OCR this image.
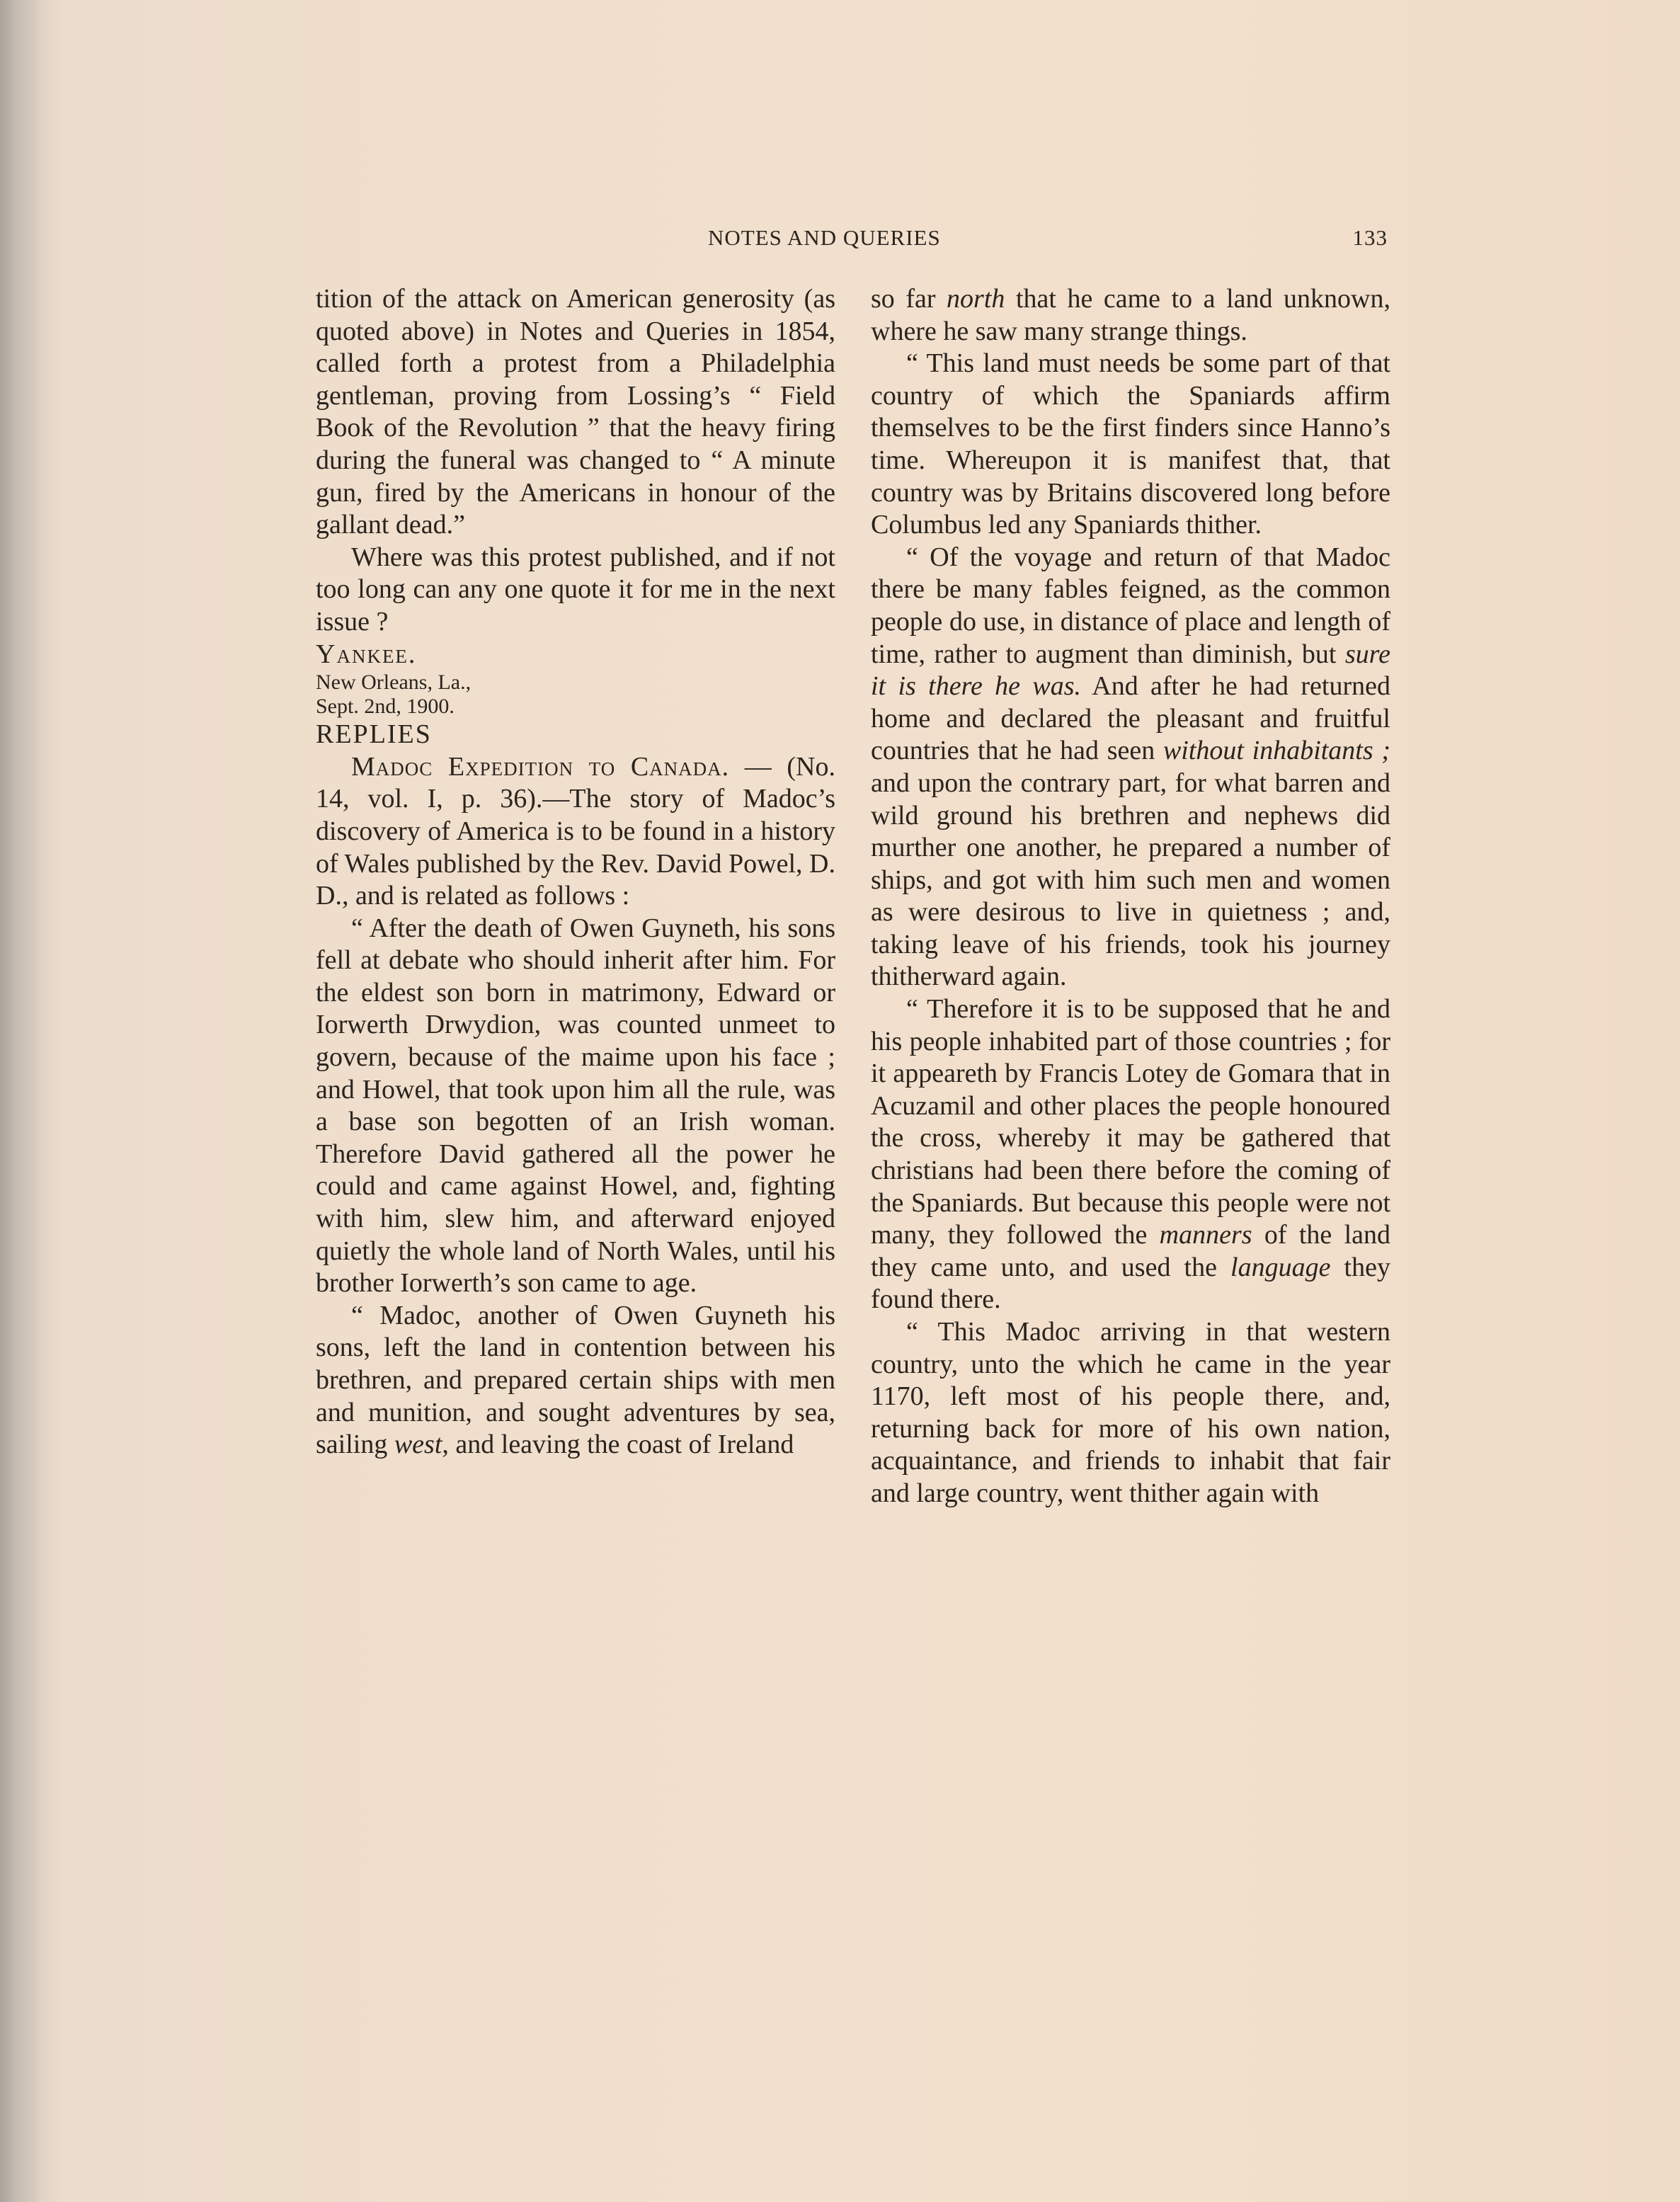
NOTES AND QUERIES	133

tition of the attack on American generosity (as quoted above) in Notes and Queries in 1854, called forth a protest from a Philadelphia gentleman, proving from Lossing’s “ Field Book of the Revolution ” that the heavy firing during the funeral was changed to “ A minute gun, fired by the Americans in honour of the gallant dead.”

Where was this protest published, and if not too long can any one quote it for me in the next issue ?

Yankee.

New Orleans, La.,

Sept. 2nd, 1900.

REPLIES

Madoc Expedition to Canada. — (No. 14, vol. I, p. 36).—The story of Madoc’s discovery of America is to be found in a history of Wales published by the Rev. David Powel, D. D., and is related as follows :

“ After the death of Owen Guyneth, his sons fell at debate who should inherit after him. For the eldest son born in matrimony, Edward or Iorwerth Drwydion, was counted unmeet to govern, because of the maime upon his face ; and Howel, that took upon him all the rule, was a base son begotten of an Irish woman. Therefore David gathered all the power he could and came against Howel, and, fighting with him, slew him, and afterward enjoyed quietly the whole land of North Wales, until his brother Iorwerth’s son came to age.

“ Madoc, another of Owen Guyneth his sons, left the land in contention between his brethren, and prepared certain ships with men and munition, and sought adventures by sea, sailing west, and leaving the coast of Ireland

so far north that he came to a land unknown, where he saw many strange things.

“ This land must needs be some part of that country of which the Spaniards affirm themselves to be the first finders since Hanno’s time. Whereupon it is manifest that, that country was by Britains discovered long before Columbus led any Spaniards thither.

“ Of the voyage and return of that Madoc there be many fables feigned, as the common people do use, in distance of place and length of time, rather to augment than diminish, but sure it is there he was. And after he had returned home and declared the pleasant and fruitful countries that he had seen without inhabitants ; and upon the contrary part, for what barren and wild ground his brethren and nephews did murther one another, he prepared a number of ships, and got with him such men and women as were desirous to live in quietness ; and, taking leave of his friends, took his journey thitherward again.

“ Therefore it is to be supposed that he and his people inhabited part of those countries ; for it appeareth by Francis Lotey de Gomara that in Acuzamil and other places the people honoured the cross, whereby it may be gathered that christians had been there before the coming of the Spaniards. But because this people were not many, they followed the manners of the land they came unto, and used the language they found there.

“ This Madoc arriving in that western country, unto the which he came in the year 1170, left most of his people there, and, returning back for more of his own nation, acquaintance, and friends to inhabit that fair and large country, went thither again with
